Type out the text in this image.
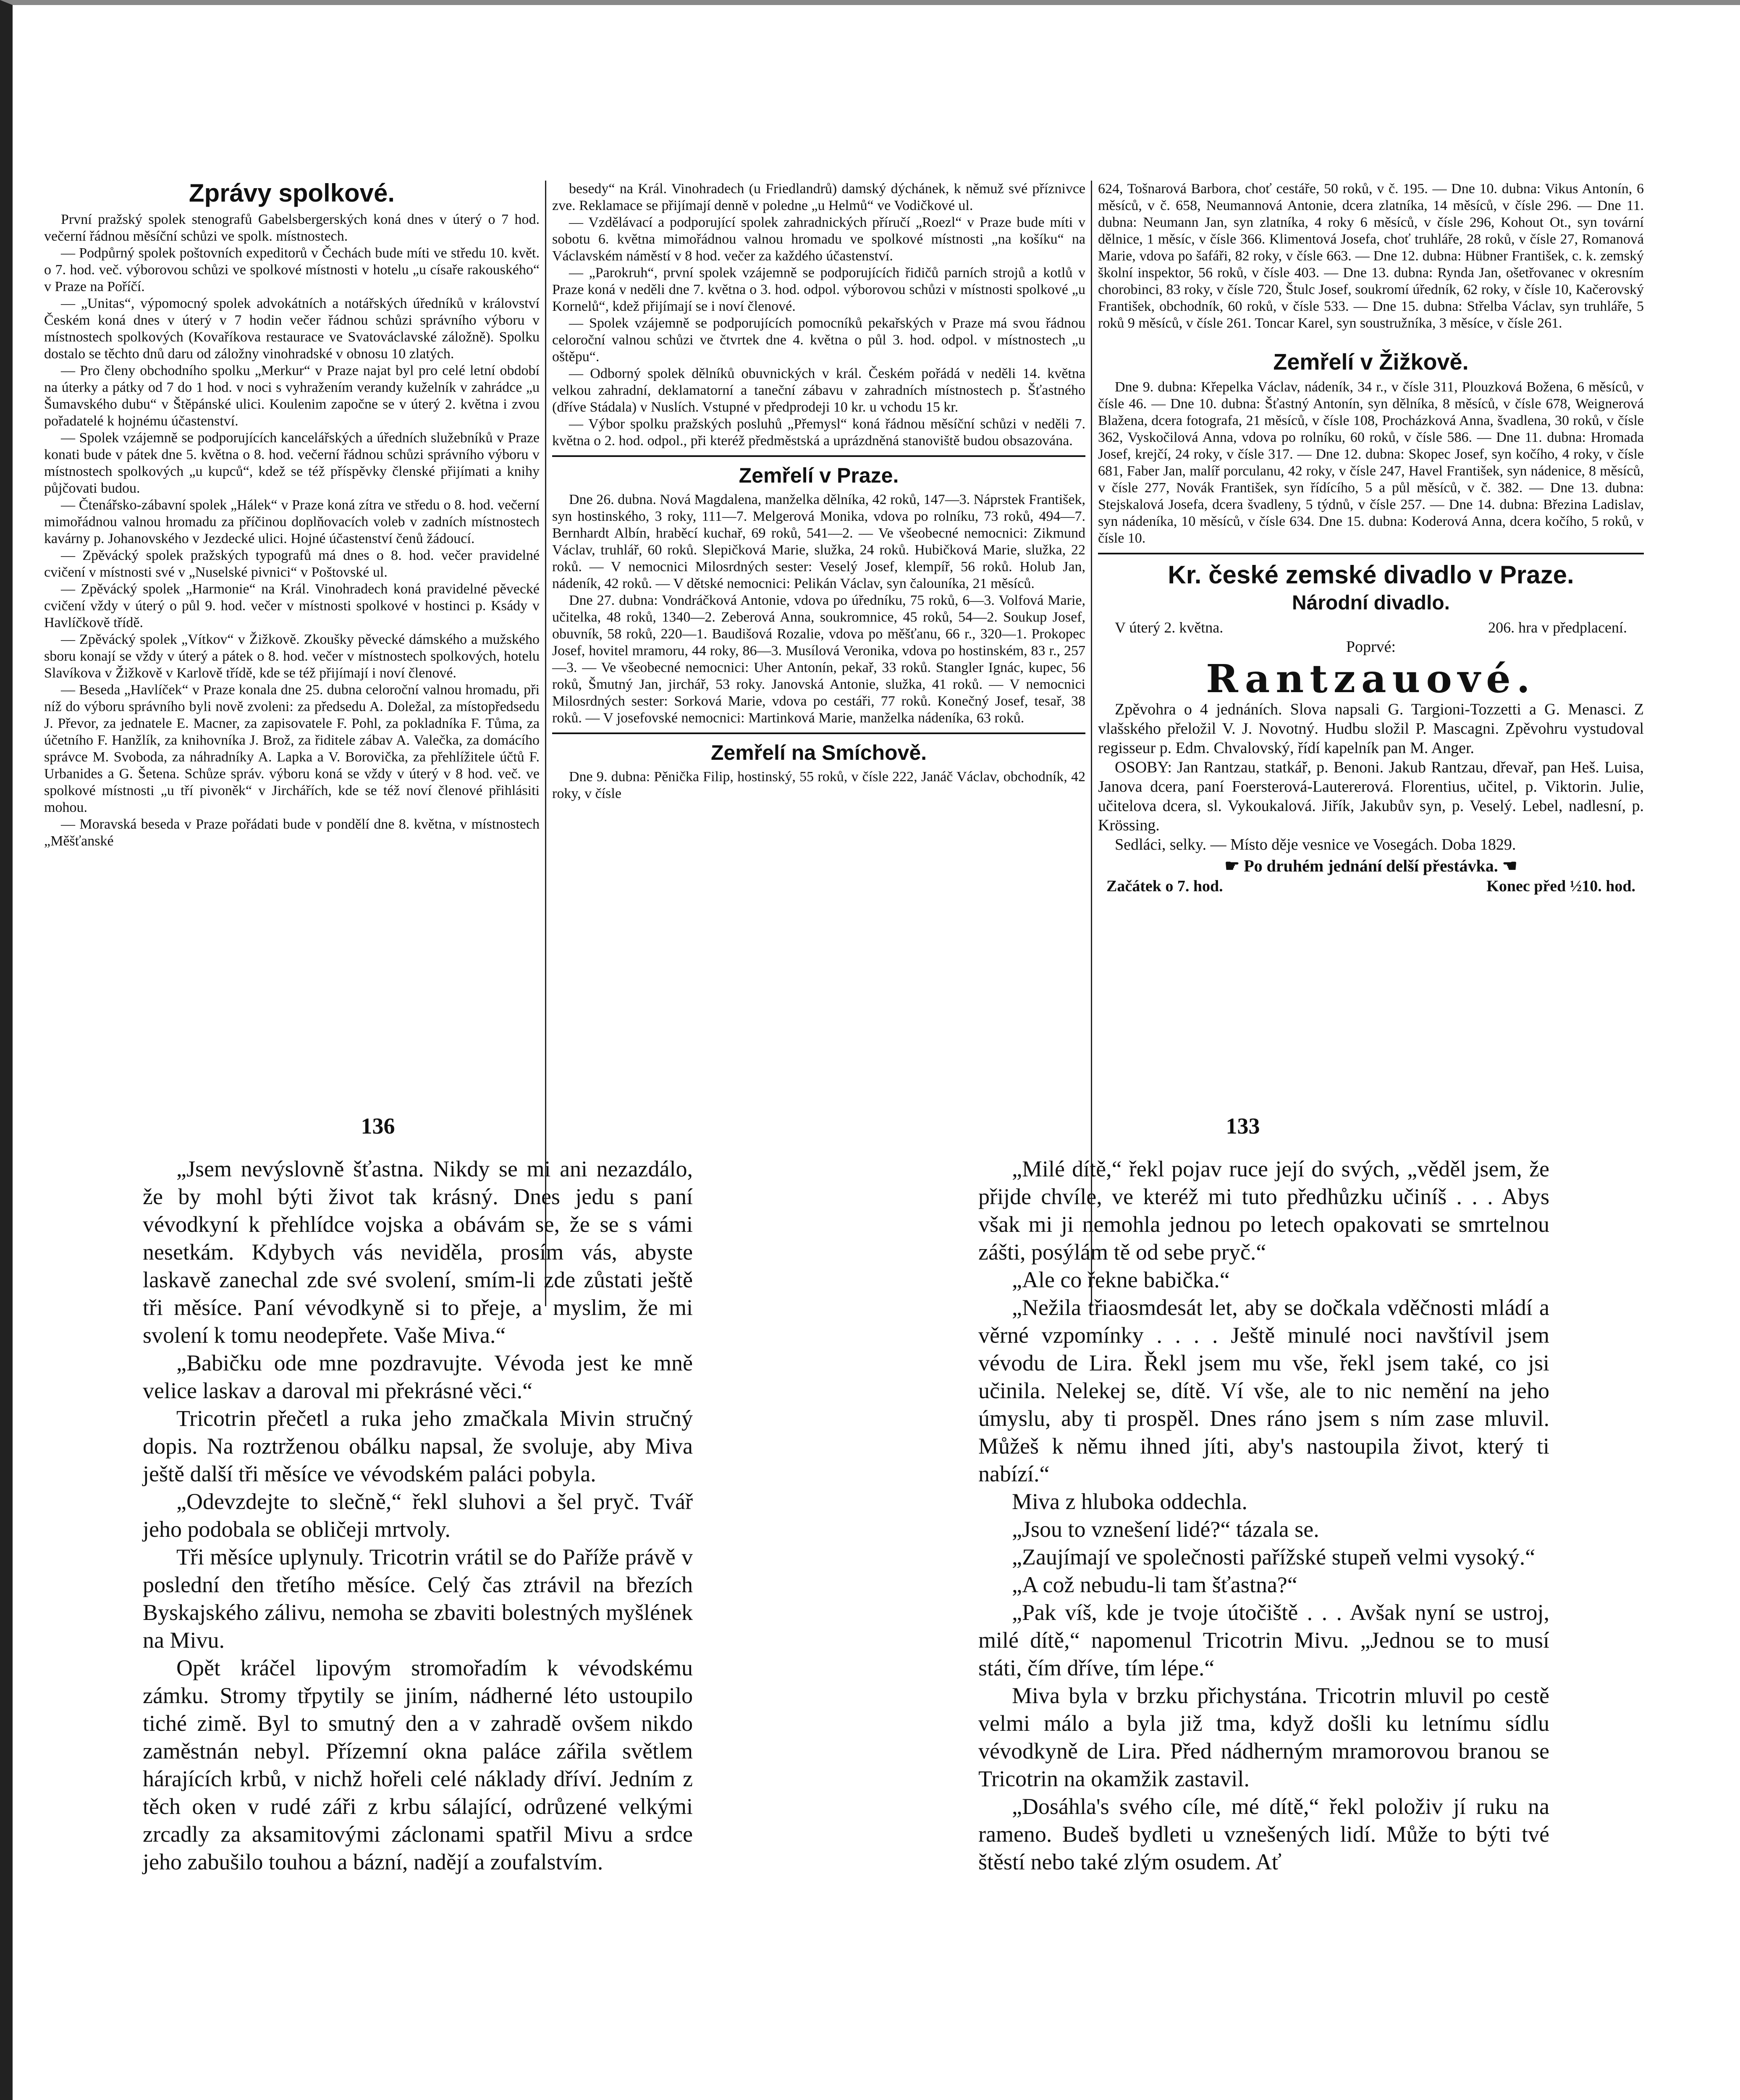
Zprávy spolkové.

První pražský spolek stenografů Gabelsbergerských koná dnes v úterý o 7 hod. večerní řádnou měsíční schůzi ve spolk. místnostech.

— Podpůrný spolek poštovních expeditorů v Čechách bude míti ve středu 10. květ. o 7. hod. več. výborovou schůzi ve spolkové místnosti v hotelu „u císaře rakouského“ v Praze na Poříčí.

— „Unitas“, výpomocný spolek advokátních a notářských úředníků v království Českém koná dnes v úterý v 7 hodin večer řádnou schůzi správního výboru v místnostech spolkových (Kovaříkova restaurace ve Svatováclavské záložně). Spolku dostalo se těchto dnů daru od záložny vinohradské v obnosu 10 zlatých.

— Pro členy obchodního spolku „Merkur“ v Praze najat byl pro celé letní období na úterky a pátky od 7 do 1 hod. v noci s vyhražením verandy kuželník v zahrádce „u Šumavského dubu“ v Štěpánské ulici. Koulenim započne se v úterý 2. května i zvou pořadatelé k hojnému účastenství.

— Spolek vzájemně se podporujících kancelářských a úředních služebníků v Praze konati bude v pátek dne 5. května o 8. hod. večerní řádnou schůzi správního výboru v místnostech spolkových „u kupců“, kdež se též příspěvky členské přijímati a knihy půjčovati budou.

— Čtenářsko-zábavní spolek „Hálek“ v Praze koná zítra ve středu o 8. hod. večerní mimořádnou valnou hromadu za příčinou doplňovacích voleb v zadních místnostech kavárny p. Johanovského v Jezdecké ulici. Hojné účastenství čenů žádoucí.

— Zpěvácký spolek pražských typografů má dnes o 8. hod. večer pravidelné cvičení v místnosti své v „Nuselské pivnici“ v Poštovské ul.

— Zpěvácký spolek „Harmonie“ na Král. Vinohradech koná pravidelné pěvecké cvičení vždy v úterý o půl 9. hod. večer v místnosti spolkové v hostinci p. Ksády v Havlíčkově třídě.

— Zpěvácký spolek „Vítkov“ v Žižkově. Zkoušky pěvecké dámského a mužského sboru konají se vždy v úterý a pátek o 8. hod. večer v místnostech spolkových, hotelu Slavíkova v Žižkově v Karlově třídě, kde se též přijímají i noví členové.

— Beseda „Havlíček“ v Praze konala dne 25. dubna celoroční valnou hromadu, při níž do výboru správního byli nově zvoleni: za předsedu A. Doležal, za místopředsedu J. Převor, za jednatele E. Macner, za zapisovatele F. Pohl, za pokladníka F. Tůma, za účetního F. Hanžlík, za knihovníka J. Brož, za řiditele zábav A. Valečka, za domácího správce M. Svoboda, za náhradníky A. Lapka a V. Borovička, za přehlížitele účtů F. Urbanides a G. Šetena. Schůze správ. výboru koná se vždy v úterý v 8 hod. več. ve spolkové místnosti „u tří pivoněk“ v Jirchářích, kde se též noví členové přihlásiti mohou.

— Moravská beseda v Praze pořádati bude v pondělí dne 8. května, v místnostech „Měšťanské

besedy“ na Král. Vinohradech (u Friedlandrů) damský dýchánek, k němuž své příznivce zve. Reklamace se přijímají denně v poledne „u Helmů“ ve Vodičkové ul.

— Vzdělávací a podporující spolek zahradnických příručí „Roezl“ v Praze bude míti v sobotu 6. května mimořádnou valnou hromadu ve spolkové místnosti „na košíku“ na Václavském náměstí v 8 hod. večer za každého účastenství.

— „Parokruh“, první spolek vzájemně se podporujících řidičů parních strojů a kotlů v Praze koná v neděli dne 7. května o 3. hod. odpol. výborovou schůzi v místnosti spolkové „u Kornelů“, kdež přijímají se i noví členové.

— Spolek vzájemně se podporujících pomocníků pekařských v Praze má svou řádnou celoroční valnou schůzi ve čtvrtek dne 4. května o půl 3. hod. odpol. v místnostech „u oštěpu“.

— Odborný spolek dělníků obuvnických v král. Českém pořádá v neděli 14. května velkou zahradní, deklamatorní a taneční zábavu v zahradních místnostech p. Šťastného (dříve Stádala) v Nuslích. Vstupné v předprodeji 10 kr. u vchodu 15 kr.

— Výbor spolku pražských posluhů „Přemysl“ koná řádnou měsíční schůzi v neděli 7. května o 2. hod. odpol., při kteréž předměstská a uprázdněná stanoviště budou obsazována.

Zemřelí v Praze.

Dne 26. dubna. Nová Magdalena, manželka dělníka, 42 roků, 147—3. Náprstek František, syn hostinského, 3 roky, 111—7. Melgerová Monika, vdova po rolníku, 73 roků, 494—7. Bernhardt Albín, hraběcí kuchař, 69 roků, 541—2. — Ve všeobecné nemocnici: Zikmund Václav, truhlář, 60 roků. Slepičková Marie, služka, 24 roků. Hubičková Marie, služka, 22 roků. — V nemocnici Milosrdných sester: Veselý Josef, klempíř, 56 roků. Holub Jan, nádeník, 42 roků. — V dětské nemocnici: Pelikán Václav, syn čalouníka, 21 měsíců.

Dne 27. dubna: Vondráčková Antonie, vdova po úředníku, 75 roků, 6—3. Volfová Marie, učitelka, 48 roků, 1340—2. Zeberová Anna, soukromnice, 45 roků, 54—2. Soukup Josef, obuvník, 58 roků, 220—1. Baudišová Rozalie, vdova po měšťanu, 66 r., 320—1. Prokopec Josef, hovitel mramoru, 44 roky, 86—3. Musílová Veronika, vdova po hostinském, 83 r., 257—3. — Ve všeobecné nemocnici: Uher Antonín, pekař, 33 roků. Stangler Ignác, kupec, 56 roků, Šmutný Jan, jirchář, 53 roky. Janovská Antonie, služka, 41 roků. — V nemocnici Milosrdných sester: Sorková Marie, vdova po cestáři, 77 roků. Konečný Josef, tesař, 38 roků. — V josefovské nemocnici: Martinková Marie, manželka nádeníka, 63 roků.

Zemřelí na Smíchově.

Dne 9. dubna: Pěnička Filip, hostinský, 55 roků, v čísle 222, Janáč Václav, obchodník, 42 roky, v čísle

624, Tošnarová Barbora, choť cestáře, 50 roků, v č. 195. — Dne 10. dubna: Vikus Antonín, 6 měsíců, v č. 658, Neumannová Antonie, dcera zlatníka, 14 měsíců, v čísle 296. — Dne 11. dubna: Neumann Jan, syn zlatníka, 4 roky 6 měsíců, v čísle 296, Kohout Ot., syn tovární dělnice, 1 měsíc, v čísle 366. Klimentová Josefa, choť truhláře, 28 roků, v čísle 27, Romanová Marie, vdova po šafáři, 82 roky, v čísle 663. — Dne 12. dubna: Hübner František, c. k. zemský školní inspektor, 56 roků, v čísle 403. — Dne 13. dubna: Rynda Jan, ošetřovanec v okresním chorobinci, 83 roky, v čísle 720, Štulc Josef, soukromí úředník, 62 roky, v čísle 10, Kačerovský František, obchodník, 60 roků, v čísle 533. — Dne 15. dubna: Střelba Václav, syn truhláře, 5 roků 9 měsíců, v čísle 261. Toncar Karel, syn soustružníka, 3 měsíce, v čísle 261.

Zemřelí v Žižkově.

Dne 9. dubna: Křepelka Václav, nádeník, 34 r., v čísle 311, Plouzková Božena, 6 měsíců, v čísle 46. — Dne 10. dubna: Šťastný Antonín, syn dělníka, 8 měsíců, v čísle 678, Weignerová Blažena, dcera fotografa, 21 měsíců, v čísle 108, Procházková Anna, švadlena, 30 roků, v čísle 362, Vyskočilová Anna, vdova po rolníku, 60 roků, v čísle 586. — Dne 11. dubna: Hromada Josef, krejčí, 24 roky, v čísle 317. — Dne 12. dubna: Skopec Josef, syn kočího, 4 roky, v čísle 681, Faber Jan, malíř porculanu, 42 roky, v čísle 247, Havel František, syn nádenice, 8 měsíců, v čísle 277, Novák František, syn řídícího, 5 a půl měsíců, v č. 382. — Dne 13. dubna: Stejskalová Josefa, dcera švadleny, 5 týdnů, v čísle 257. — Dne 14. dubna: Březina Ladislav, syn nádeníka, 10 měsíců, v čísle 634. Dne 15. dubna: Koderová Anna, dcera kočího, 5 roků, v čísle 10.

Kr. české zemské divadlo v Praze.
Národní divadlo.
V úterý 2. května.	206. hra v předplacení.
Poprvé:
Rantzauové.

Zpěvohra o 4 jednáních. Slova napsali G. Targioni-Tozzetti a G. Menasci. Z vlašského přeložil V. J. Novotný. Hudbu složil P. Mascagni. Zpěvohru vystudoval regisseur p. Edm. Chvalovský, řídí kapelník pan M. Anger.

OSOBY: Jan Rantzau, statkář, p. Benoni. Jakub Rantzau, dřevař, pan Heš. Luisa, Janova dcera, paní Foersterová-Lautererová. Florentius, učitel, p. Viktorin. Julie, učitelova dcera, sl. Vykoukalová. Jiřík, Jakubův syn, p. Veselý. Lebel, nadlesní, p. Krössing.

Sedláci, selky. — Místo děje vesnice ve Vosegách. Doba 1829.

☛ Po druhém jednání delší přestávka. ☚
Začátek o 7. hod.	Konec před ½10. hod.
136

„Jsem nevýslovně šťastna. Nikdy se mi ani nezazdálo, že by mohl býti život tak krásný. Dnes jedu s paní vévodkyní k přehlídce vojska a obávám se, že se s vámi nesetkám. Kdybych vás neviděla, prosím vás, abyste laskavě zanechal zde své svolení, smím-li zde zůstati ještě tři měsíce. Paní vévodkyně si to přeje, a myslim, že mi svolení k tomu neodepřete. Vaše Miva.“

„Babičku ode mne pozdravujte. Vévoda jest ke mně velice laskav a daroval mi překrásné věci.“

Tricotrin přečetl a ruka jeho zmačkala Mivin stručný dopis. Na roztrženou obálku napsal, že svoluje, aby Miva ještě další tři měsíce ve vévodském paláci pobyla.

„Odevzdejte to slečně,“ řekl sluhovi a šel pryč. Tvář jeho podobala se obličeji mrtvoly.

Tři měsíce uplynuly. Tricotrin vrátil se do Paříže právě v poslední den třetího měsíce. Celý čas ztrávil na březích Byskajského zálivu, nemoha se zbaviti bolestných myšlének na Mivu.

Opět kráčel lipovým stromořadím k vévodskému zámku. Stromy třpytily se jiním, nádherné léto ustoupilo tiché zimě. Byl to smutný den a v zahradě ovšem nikdo zaměstnán nebyl. Přízemní okna paláce zářila světlem hárajících krbů, v nichž hořeli celé náklady dříví. Jedním z těch oken v rudé záři z krbu sálající, odrůzené velkými zrcadly za aksamitovými záclonami spatřil Mivu a srdce jeho zabušilo touhou a bázní, nadějí a zoufalstvím.

133

„Milé dítě,“ řekl pojav ruce její do svých, „věděl jsem, že přijde chvíle, ve kteréž mi tuto předhůzku učiníš . . . Abys však mi ji nemohla jednou po letech opakovati se smrtelnou zášti, posýlám tě od sebe pryč.“

„Ale co řekne babička.“

„Nežila třiaosmdesát let, aby se dočkala vděčnosti mládí a věrné vzpomínky . . . . Ještě minulé noci navštívil jsem vévodu de Lira. Řekl jsem mu vše, řekl jsem také, co jsi učinila. Nelekej se, dítě. Ví vše, ale to nic nemění na jeho úmyslu, aby ti prospěl. Dnes ráno jsem s ním zase mluvil. Můžeš k němu ihned jíti, aby's nastoupila život, který ti nabízí.“

Miva z hluboka oddechla.

„Jsou to vznešení lidé?“ tázala se.

„Zaujímají ve společnosti pařížské stupeň velmi vysoký.“

„A což nebudu-li tam šťastna?“

„Pak víš, kde je tvoje útočiště . . . Avšak nyní se ustroj, milé dítě,“ napomenul Tricotrin Mivu. „Jednou se to musí státi, čím dříve, tím lépe.“

Miva byla v brzku přichystána. Tricotrin mluvil po cestě velmi málo a byla již tma, když došli ku letnímu sídlu vévodkyně de Lira. Před nádherným mramorovou branou se Tricotrin na okamžik zastavil.

„Dosáhla's svého cíle, mé dítě,“ řekl položiv jí ruku na rameno. Budeš bydleti u vznešených lidí. Může to býti tvé štěstí nebo také zlým osudem. Ať
